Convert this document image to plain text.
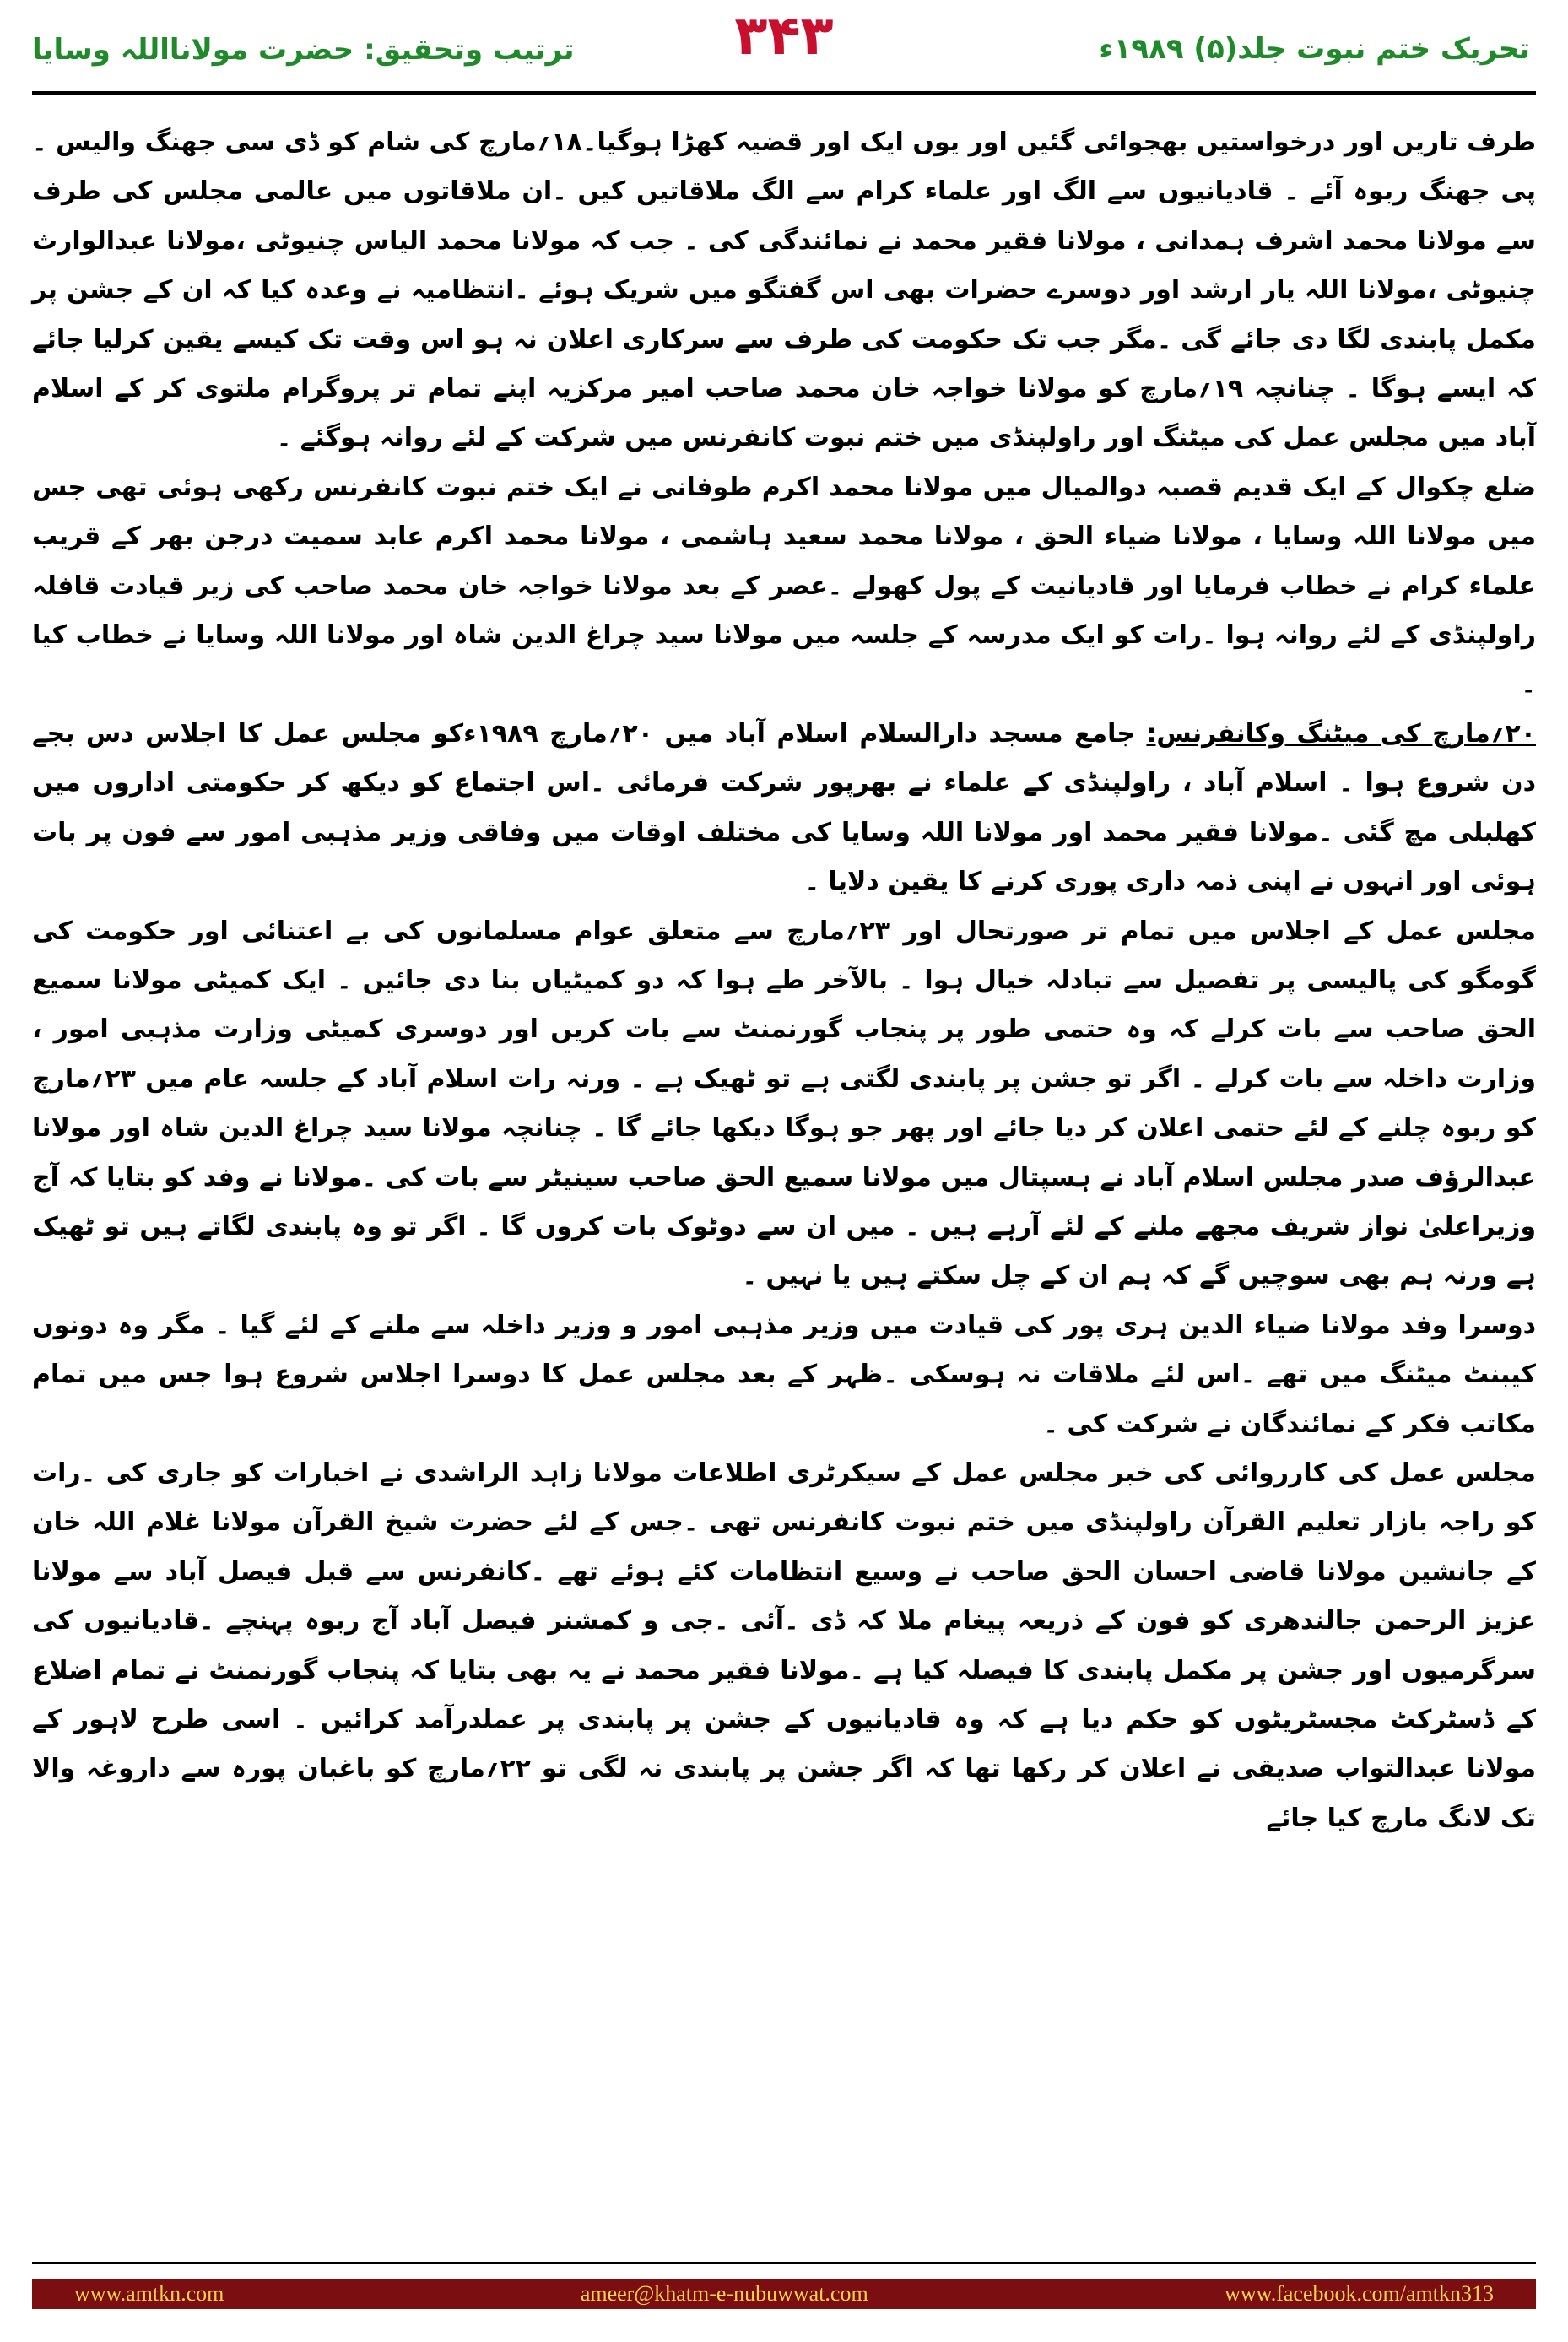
تحریک ختم نبوت جلد(۵) ۱۹۸۹ء
۳۴۳
ترتیب وتحقیق: حضرت مولانااللہ وسایا

طرف تاریں اور درخواستیں بھجوائی گئیں اور یوں ایک اور قضیہ کھڑا ہوگیا۔۱۸؍مارچ کی شام کو ڈی سی جھنگ والیس ۔ پی جھنگ ربوہ آئے ۔ قادیانیوں سے الگ اور علماء کرام سے الگ ملاقاتیں کیں ۔ان ملاقاتوں میں عالمی مجلس کی طرف سے مولانا محمد اشرف ہمدانی ، مولانا فقیر محمد نے نمائندگی کی ۔ جب کہ مولانا محمد الیاس چنیوٹی ،مولانا عبدالوارث چنیوٹی ،مولانا اللہ یار ارشد اور دوسرے حضرات بھی اس گفتگو میں شریک ہوئے ۔انتظامیہ نے وعدہ کیا کہ ان کے جشن پر مکمل پابندی لگا دی جائے گی ۔مگر جب تک حکومت کی طرف سے سرکاری اعلان نہ ہو اس وقت تک کیسے یقین کرلیا جائے کہ ایسے ہوگا ۔ چنانچہ ۱۹؍مارچ کو مولانا خواجہ خان محمد صاحب امیر مرکزیہ اپنے تمام تر پروگرام ملتوی کر کے اسلام آباد میں مجلس عمل کی میٹنگ اور راولپنڈی میں ختم نبوت کانفرنس میں شرکت کے لئے روانہ ہوگئے ۔

ضلع چکوال کے ایک قدیم قصبہ دوالمیال میں مولانا محمد اکرم طوفانی نے ایک ختم نبوت کانفرنس رکھی ہوئی تھی جس میں مولانا اللہ وسایا ، مولانا ضیاء الحق ، مولانا محمد سعید ہاشمی ، مولانا محمد اکرم عابد سمیت درجن بھر کے قریب علماء کرام نے خطاب فرمایا اور قادیانیت کے پول کھولے ۔عصر کے بعد مولانا خواجہ خان محمد صاحب کی زیر قیادت قافلہ راولپنڈی کے لئے روانہ ہوا ۔رات کو ایک مدرسہ کے جلسہ میں مولانا سید چراغ الدین شاہ اور مولانا اللہ وسایا نے خطاب کیا ۔

۲۰؍مارچ کی میٹنگ وکانفرنس: جامع مسجد دارالسلام اسلام آباد میں ۲۰؍مارچ ۱۹۸۹ءکو مجلس عمل کا اجلاس دس بجے دن شروع ہوا ۔ اسلام آباد ، راولپنڈی کے علماء نے بھرپور شرکت فرمائی ۔اس اجتماع کو دیکھ کر حکومتی اداروں میں کھلبلی مچ گئی ۔مولانا فقیر محمد اور مولانا اللہ وسایا کی مختلف اوقات میں وفاقی وزیر مذہبی امور سے فون پر بات ہوئی اور انہوں نے اپنی ذمہ داری پوری کرنے کا یقین دلایا ۔

مجلس عمل کے اجلاس میں تمام تر صورتحال اور ۲۳؍مارچ سے متعلق عوام مسلمانوں کی بے اعتنائی اور حکومت کی گومگو کی پالیسی پر تفصیل سے تبادلہ خیال ہوا ۔ بالآخر طے ہوا کہ دو کمیٹیاں بنا دی جائیں ۔ ایک کمیٹی مولانا سمیع الحق صاحب سے بات کرلے کہ وہ حتمی طور پر پنجاب گورنمنٹ سے بات کریں اور دوسری کمیٹی وزارت مذہبی امور ، وزارت داخلہ سے بات کرلے ۔ اگر تو جشن پر پابندی لگتی ہے تو ٹھیک ہے ۔ ورنہ رات اسلام آباد کے جلسہ عام میں ۲۳؍مارچ کو ربوہ چلنے کے لئے حتمی اعلان کر دیا جائے اور پھر جو ہوگا دیکھا جائے گا ۔ چنانچہ مولانا سید چراغ الدین شاہ اور مولانا عبدالرؤف صدر مجلس اسلام آباد نے ہسپتال میں مولانا سمیع الحق صاحب سینیٹر سے بات کی ۔مولانا نے وفد کو بتایا کہ آج وزیراعلیٰ نواز شریف مجھے ملنے کے لئے آرہے ہیں ۔ میں ان سے دوٹوک بات کروں گا ۔ اگر تو وہ پابندی لگاتے ہیں تو ٹھیک ہے ورنہ ہم بھی سوچیں گے کہ ہم ان کے چل سکتے ہیں یا نہیں ۔

دوسرا وفد مولانا ضیاء الدین ہری پور کی قیادت میں وزیر مذہبی امور و وزیر داخلہ سے ملنے کے لئے گیا ۔ مگر وہ دونوں کیبنٹ میٹنگ میں تھے ۔اس لئے ملاقات نہ ہوسکی ۔ظہر کے بعد مجلس عمل کا دوسرا اجلاس شروع ہوا جس میں تمام مکاتب فکر کے نمائندگان نے شرکت کی ۔

مجلس عمل کی کارروائی کی خبر مجلس عمل کے سیکرٹری اطلاعات مولانا زاہد الراشدی نے اخبارات کو جاری کی ۔رات کو راجہ بازار تعلیم القرآن راولپنڈی میں ختم نبوت کانفرنس تھی ۔جس کے لئے حضرت شیخ القرآن مولانا غلام اللہ خان کے جانشین مولانا قاضی احسان الحق صاحب نے وسیع انتظامات کئے ہوئے تھے ۔کانفرنس سے قبل فیصل آباد سے مولانا عزیز الرحمن جالندھری کو فون کے ذریعہ پیغام ملا کہ ڈی ۔آئی ۔جی و کمشنر فیصل آباد آج ربوہ پہنچے ۔قادیانیوں کی سرگرمیوں اور جشن پر مکمل پابندی کا فیصلہ کیا ہے ۔مولانا فقیر محمد نے یہ بھی بتایا کہ پنجاب گورنمنٹ نے تمام اضلاع کے ڈسٹرکٹ مجسٹریٹوں کو حکم دیا ہے کہ وہ قادیانیوں کے جشن پر پابندی پر عملدرآمد کرائیں ۔ اسی طرح لاہور کے مولانا عبدالتواب صدیقی نے اعلان کر رکھا تھا کہ اگر جشن پر پابندی نہ لگی تو ۲۲؍مارچ کو باغبان پورہ سے داروغہ والا تک لانگ مارچ کیا جائے

www.amtkn.com	ameer@khatm-e-nubuwwat.com	www.facebook.com/amtkn313
